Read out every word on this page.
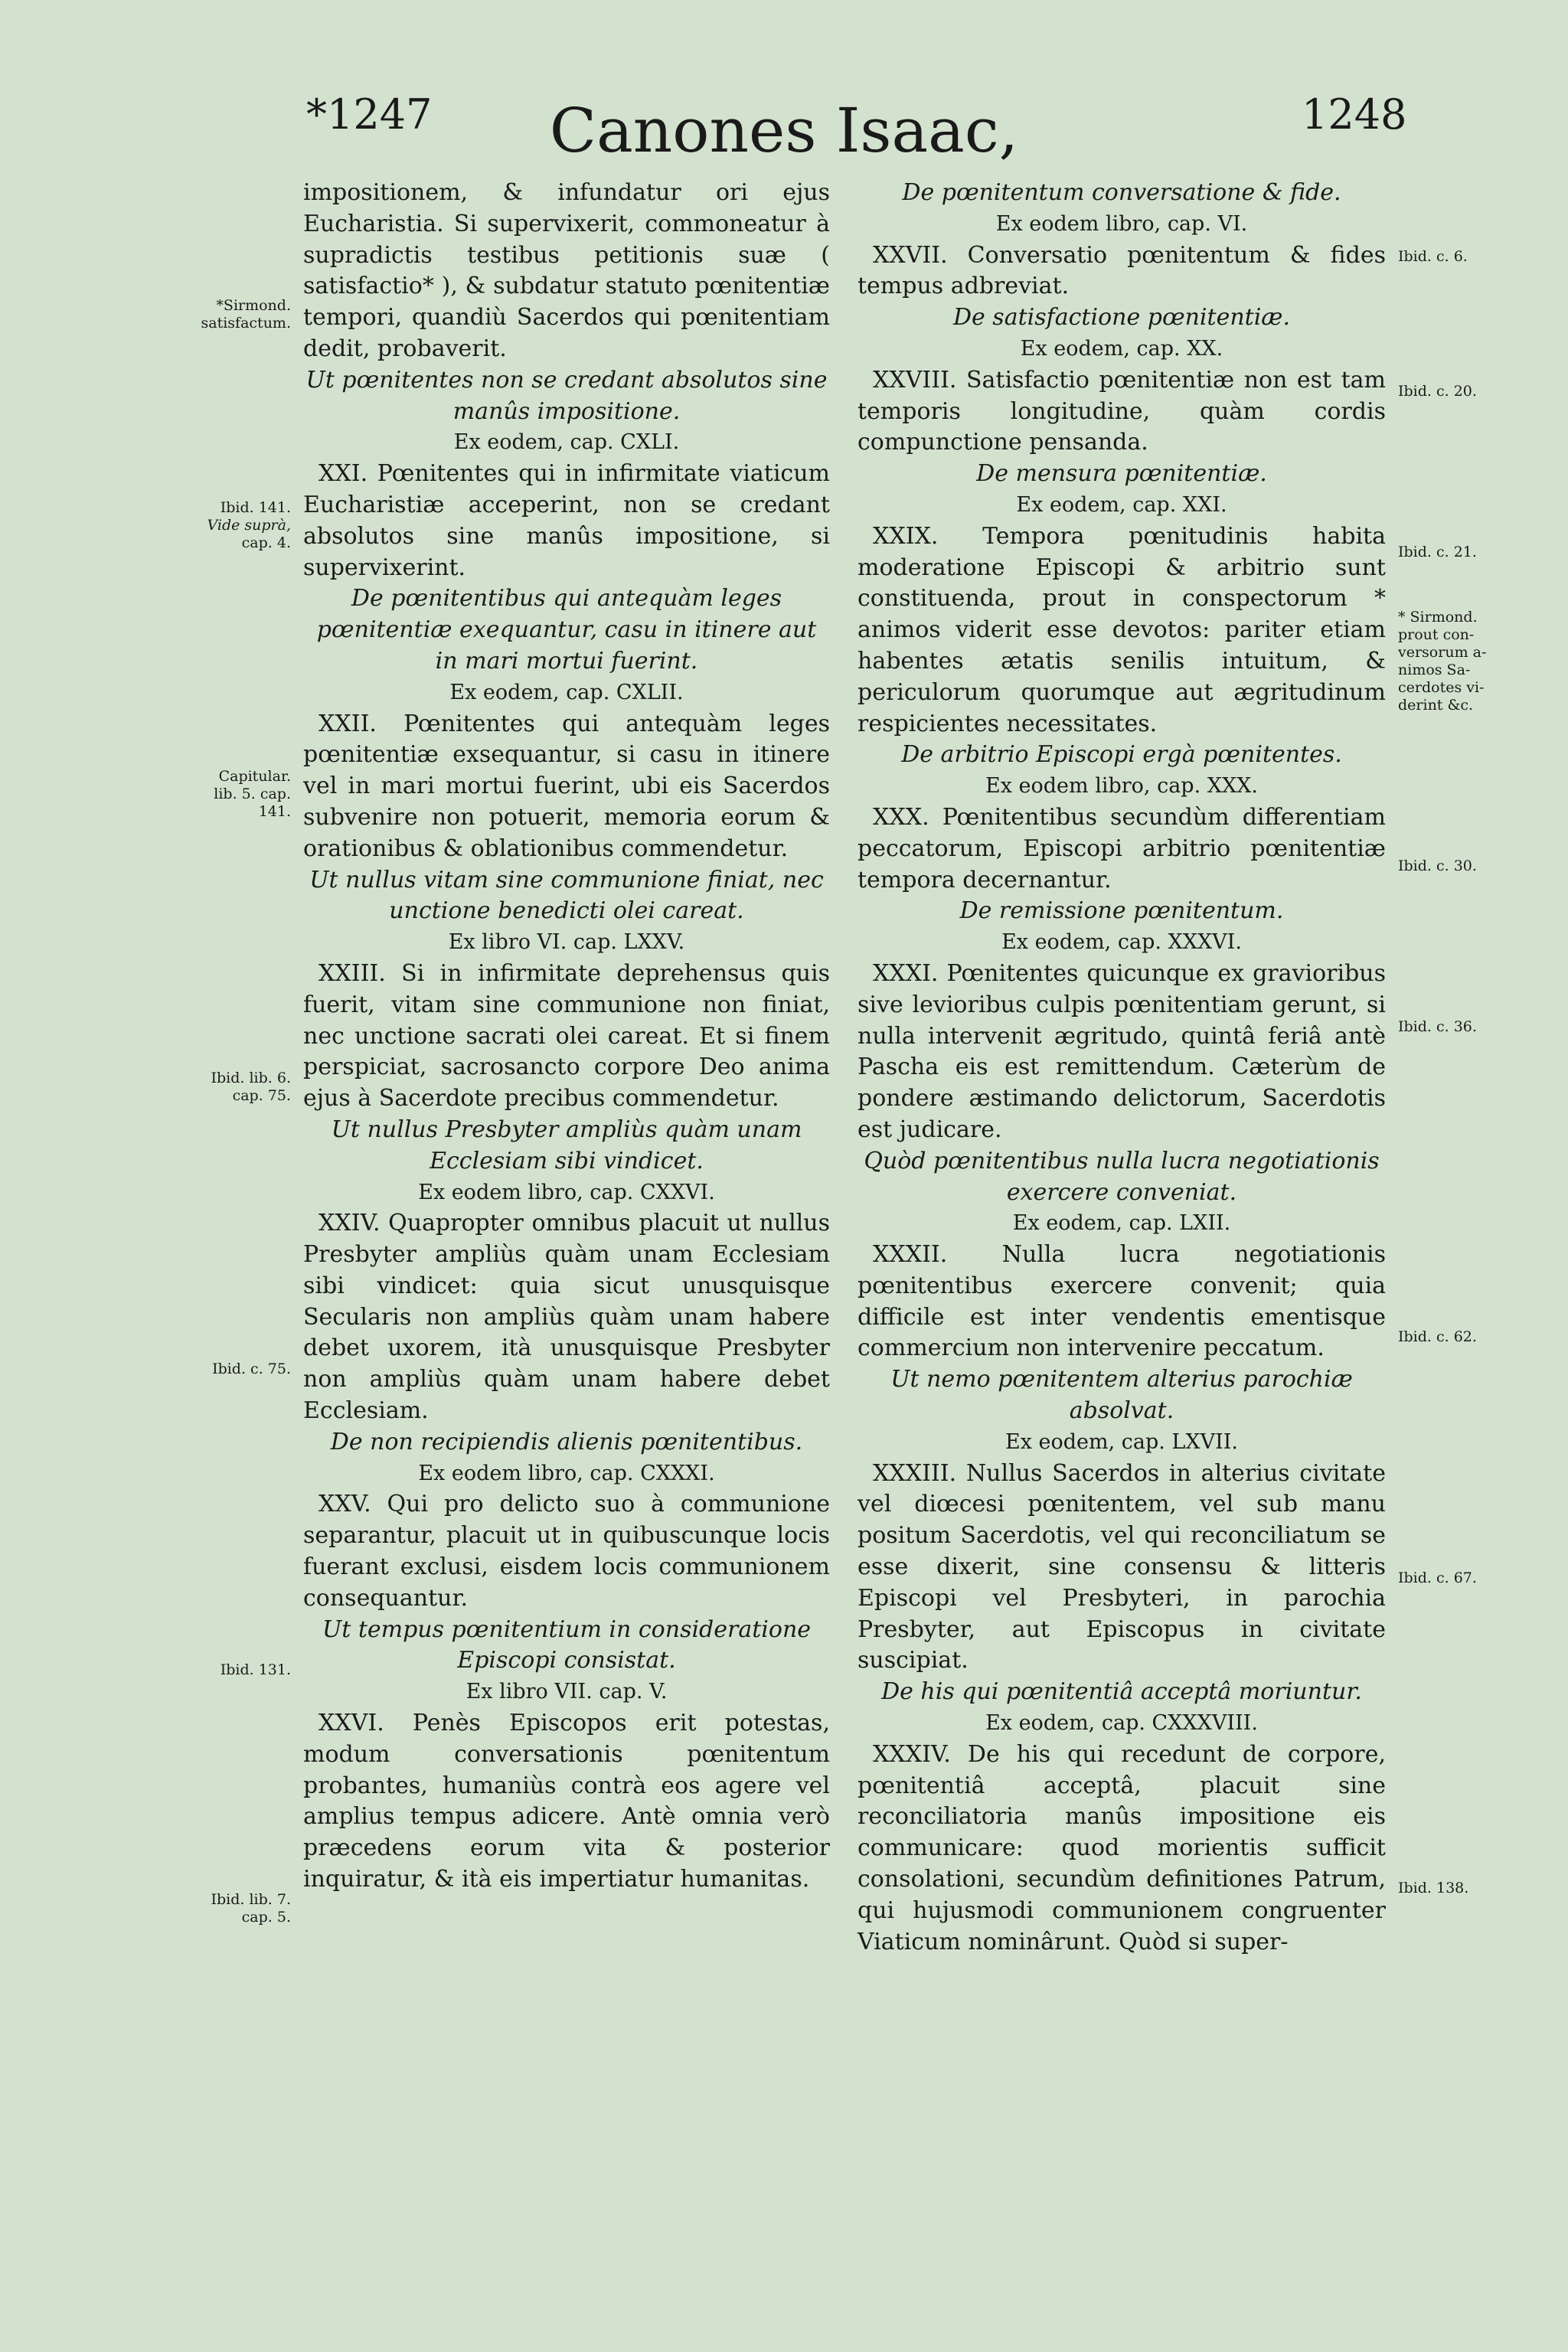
*1247	Canones Isaac,	1248

impositionem, & infundatur ori ejus Eucharistia. Si supervixerit, commoneatur à supradictis testibus petitionis suæ ( satisfactio* ), & subdatur statuto pœnitentiæ tempori, quandiù Sacerdos qui pœnitentiam dedit, probaverit.

Ut pœnitentes non se credant absolutos sine manûs impositione.

Ex eodem, cap. CXLI.

XXI. Pœnitentes qui in infirmitate viaticum Eucharistiæ acceperint, non se credant absolutos sine manûs impositione, si supervixerint.

De pœnitentibus qui antequàm leges pœnitentiæ exequantur, casu in itinere aut in mari mortui fuerint.

Ex eodem, cap. CXLII.

XXII. Pœnitentes qui antequàm leges pœnitentiæ exsequantur, si casu in itinere vel in mari mortui fuerint, ubi eis Sacerdos subvenire non potuerit, memoria eorum & orationibus & oblationibus commendetur.

Ut nullus vitam sine communione finiat, nec unctione benedicti olei careat.

Ex libro VI. cap. LXXV.

XXIII. Si in infirmitate deprehensus quis fuerit, vitam sine communione non finiat, nec unctione sacrati olei careat. Et si finem perspiciat, sacrosancto corpore Deo anima ejus à Sacerdote precibus commendetur.

Ut nullus Presbyter ampliùs quàm unam Ecclesiam sibi vindicet.

Ex eodem libro, cap. CXXVI.

XXIV. Quapropter omnibus placuit ut nullus Presbyter ampliùs quàm unam Ecclesiam sibi vindicet: quia sicut unusquisque Secularis non ampliùs quàm unam habere debet uxorem, ità unusquisque Presbyter non ampliùs quàm unam habere debet Ecclesiam.

De non recipiendis alienis pœnitentibus.

Ex eodem libro, cap. CXXXI.

XXV. Qui pro delicto suo à communione separantur, placuit ut in quibuscunque locis fuerant exclusi, eisdem locis communionem consequantur.

Ut tempus pœnitentium in consideratione Episcopi consistat.

Ex libro VII. cap. V.

XXVI. Penès Episcopos erit potestas, modum conversationis pœnitentum probantes, humaniùs contrà eos agere vel amplius tempus adicere. Antè omnia verò præcedens eorum vita & posterior inquiratur, & ità eis impertiatur humanitas.

De pœnitentum conversatione & fide.

Ex eodem libro, cap. VI.

XXVII. Conversatio pœnitentum & fides tempus adbreviat.

De satisfactione pœnitentiæ.

Ex eodem, cap. XX.

XXVIII. Satisfactio pœnitentiæ non est tam temporis longitudine, quàm cordis compunctione pensanda.

De mensura pœnitentiæ.

Ex eodem, cap. XXI.

XXIX. Tempora pœnitudinis habita moderatione Episcopi & arbitrio sunt constituenda, prout in conspectorum * animos viderit esse devotos: pariter etiam habentes ætatis senilis intuitum, & periculorum quorumque aut ægritudinum respicientes necessitates.

De arbitrio Episcopi ergà pœnitentes.

Ex eodem libro, cap. XXX.

XXX. Pœnitentibus secundùm differentiam peccatorum, Episcopi arbitrio pœnitentiæ tempora decernantur.

De remissione pœnitentum.

Ex eodem, cap. XXXVI.

XXXI. Pœnitentes quicunque ex gravioribus sive levioribus culpis pœnitentiam gerunt, si nulla intervenit ægritudo, quintâ feriâ antè Pascha eis est remittendum. Cæterùm de pondere æstimando delictorum, Sacerdotis est judicare.

Quòd pœnitentibus nulla lucra negotiationis exercere conveniat.

Ex eodem, cap. LXII.

XXXII. Nulla lucra negotiationis pœnitentibus exercere convenit; quia difficile est inter vendentis ementisque commercium non intervenire peccatum.

Ut nemo pœnitentem alterius parochiæ absolvat.

Ex eodem, cap. LXVII.

XXXIII. Nullus Sacerdos in alterius civitate vel diœcesi pœnitentem, vel sub manu positum Sacerdotis, vel qui reconciliatum se esse dixerit, sine consensu & litteris Episcopi vel Presbyteri, in parochia Presbyter, aut Episcopus in civitate suscipiat.

De his qui pœnitentiâ acceptâ moriuntur.

Ex eodem, cap. CXXXVIII.

XXXIV. De his qui recedunt de corpore, pœnitentiâ acceptâ, placuit sine reconciliatoria manûs impositione eis communicare: quod morientis sufficit consolationi, secundùm definitiones Patrum, qui hujusmodi communionem congruenter Viaticum nominârunt. Quòd si super-

*Sirmond.
satisfactum.
Ibid. 141.
Vide suprà,
cap. 4.
Capitular.
lib. 5. cap.
141.
Ibid. lib. 6.
cap. 75.
Ibid. c. 75.
Ibid. 131.
Ibid. lib. 7.
cap. 5.
Ibid. c. 6.
Ibid. c. 20.
Ibid. c. 21.
* Sirmond.
prout con-
versorum a-
nimos Sa-
cerdotes vi-
derint &c.
Ibid. c. 30.
Ibid. c. 36.
Ibid. c. 62.
Ibid. c. 67.
Ibid. 138.
